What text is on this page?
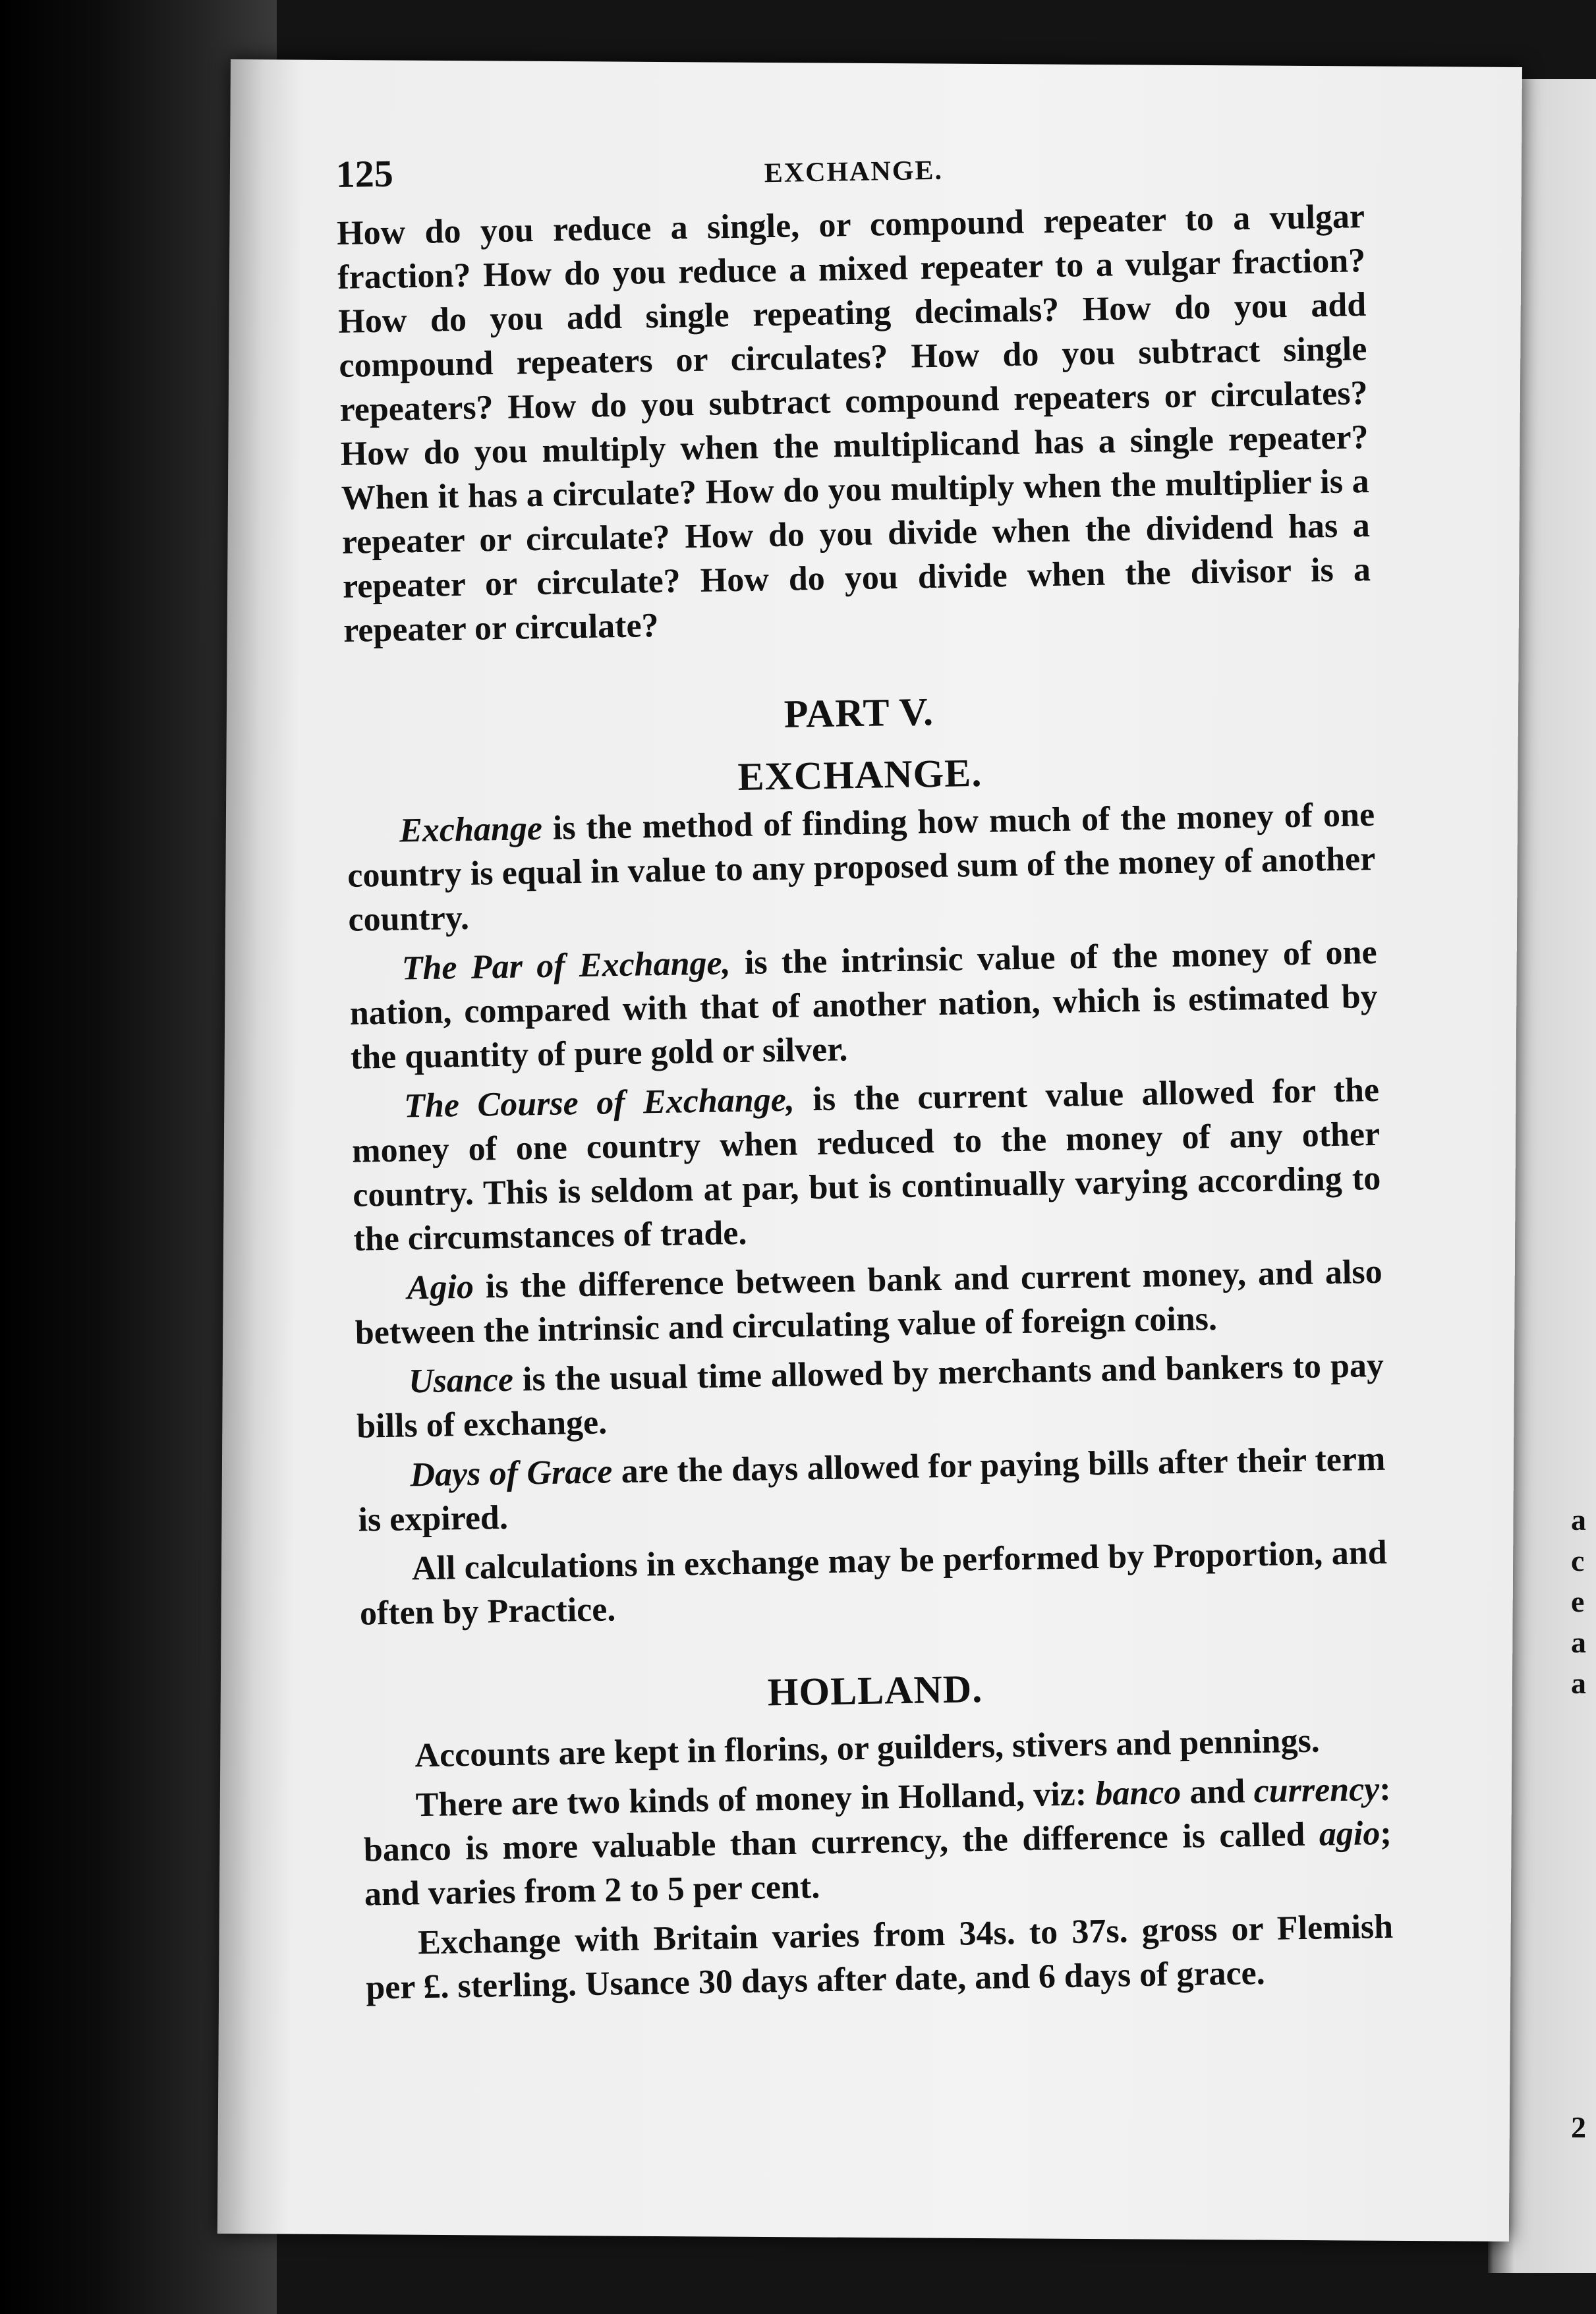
a
c
e
a
a
2
125	EXCHANGE.

How do you reduce a single, or compound repeater to a vulgar fraction? How do you reduce a mixed repeater to a vulgar fraction? How do you add single repeating decimals? How do you add compound repeaters or circulates? How do you subtract single repeaters? How do you subtract compound repeaters or circulates? How do you multiply when the multiplicand has a single repeater? When it has a circulate? How do you multiply when the multiplier is a repeater or circulate? How do you divide when the dividend has a repeater or circulate? How do you divide when the divisor is a repeater or circulate?

PART V.
EXCHANGE.

Exchange is the method of finding how much of the money of one country is equal in value to any proposed sum of the money of another country.

The Par of Exchange, is the intrinsic value of the money of one nation, compared with that of another nation, which is estimated by the quantity of pure gold or silver.

The Course of Exchange, is the current value allowed for the money of one country when reduced to the money of any other country. This is seldom at par, but is continually varying according to the circumstances of trade.

Agio is the difference between bank and current money, and also between the intrinsic and circulating value of foreign coins.

Usance is the usual time allowed by merchants and bankers to pay bills of exchange.

Days of Grace are the days allowed for paying bills after their term is expired.

All calculations in exchange may be performed by Proportion, and often by Practice.

HOLLAND.

Accounts are kept in florins, or guilders, stivers and pennings.

There are two kinds of money in Holland, viz: banco and currency: banco is more valuable than currency, the difference is called agio; and varies from 2 to 5 per cent.

Exchange with Britain varies from 34s. to 37s. gross or Flemish per £. sterling. Usance 30 days after date, and 6 days of grace.
